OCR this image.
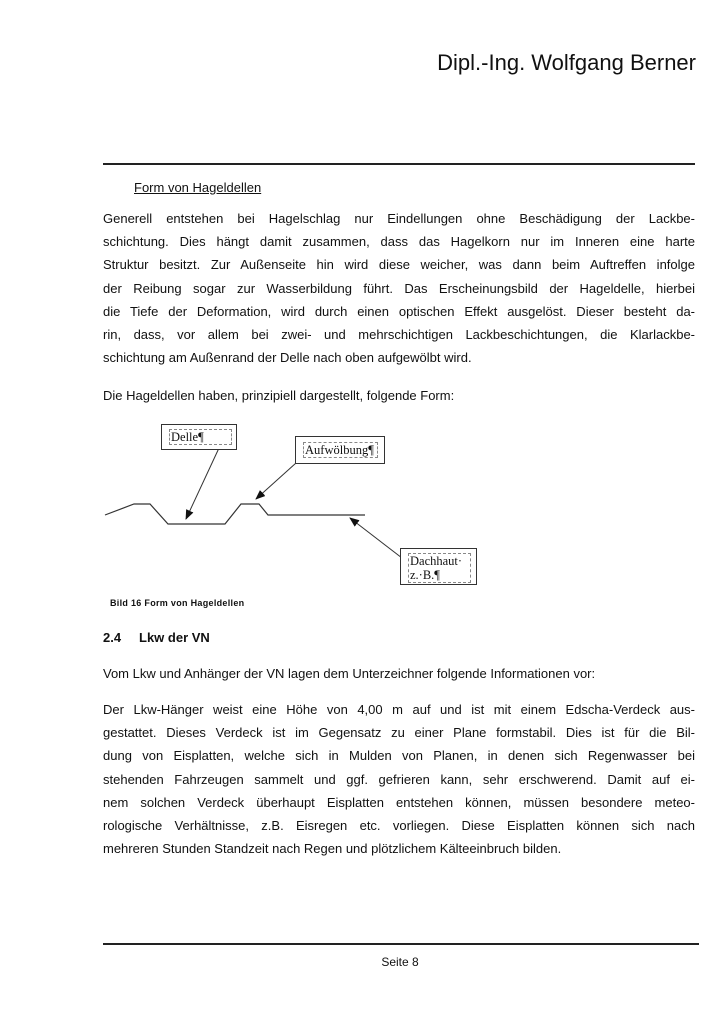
Dipl.-Ing. Wolfgang Berner
Form von Hageldellen
Generell entstehen bei Hagelschlag nur Eindellungen ohne Beschädigung der Lackbe-
schichtung. Dies hängt damit zusammen, dass das Hagelkorn nur im Inneren eine harte
Struktur besitzt. Zur Außenseite hin wird diese weicher, was dann beim Auftreffen infolge
der Reibung sogar zur Wasserbildung führt. Das Erscheinungsbild der Hageldelle, hierbei
die Tiefe der Deformation, wird durch einen optischen Effekt ausgelöst. Dieser besteht da-
rin, dass, vor allem bei zwei- und mehrschichtigen Lackbeschichtungen, die Klarlackbe-
schichtung am Außenrand der Delle nach oben aufgewölbt wird.
Die Hageldellen haben, prinzipiell dargestellt, folgende Form:
Delle¶
Aufwölbung¶
Dachhaut·
z.·B.¶
Bild 16 Form von Hageldellen
2.4 Lkw der VN
Vom Lkw und Anhänger der VN lagen dem Unterzeichner folgende Informationen vor:
Der Lkw-Hänger weist eine Höhe von 4,00 m auf und ist mit einem Edscha-Verdeck aus-
gestattet. Dieses Verdeck ist im Gegensatz zu einer Plane formstabil. Dies ist für die Bil-
dung von Eisplatten, welche sich in Mulden von Planen, in denen sich Regenwasser bei
stehenden Fahrzeugen sammelt und ggf. gefrieren kann, sehr erschwerend. Damit auf ei-
nem solchen Verdeck überhaupt Eisplatten entstehen können, müssen besondere meteo-
rologische Verhältnisse, z.B. Eisregen etc. vorliegen. Diese Eisplatten können sich nach
mehreren Stunden Standzeit nach Regen und plötzlichem Kälteeinbruch bilden.
Seite 8
